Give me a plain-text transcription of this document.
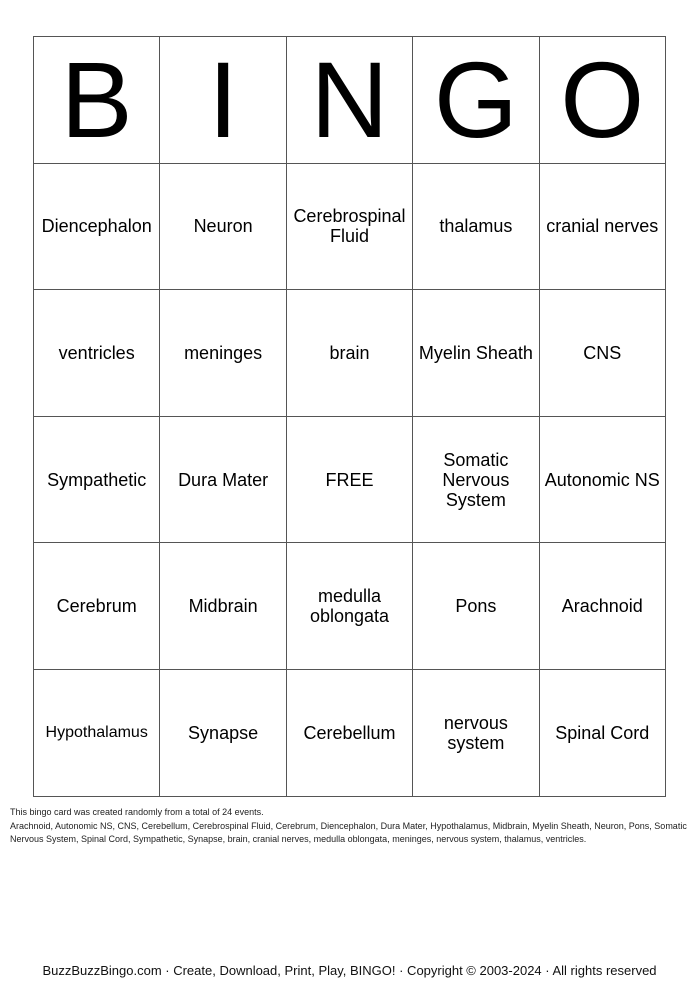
B	I	N	G	O
Diencephalon	Neuron	Cerebrospinal Fluid	thalamus	cranial nerves
ventricles	meninges	brain	Myelin Sheath	CNS
Sympathetic	Dura Mater	FREE	Somatic Nervous System	Autonomic NS
Cerebrum	Midbrain	medulla oblongata	Pons	Arachnoid
Hypothalamus	Synapse	Cerebellum	nervous system	Spinal Cord
This bingo card was created randomly from a total of 24 events.
Arachnoid, Autonomic NS, CNS, Cerebellum, Cerebrospinal Fluid, Cerebrum, Diencephalon, Dura Mater, Hypothalamus, Midbrain, Myelin Sheath, Neuron, Pons, Somatic Nervous System, Spinal Cord, Sympathetic, Synapse, brain, cranial nerves, medulla oblongata, meninges, nervous system, thalamus, ventricles.
BuzzBuzzBingo.com · Create, Download, Print, Play, BINGO! · Copyright © 2003-2024 · All rights reserved
